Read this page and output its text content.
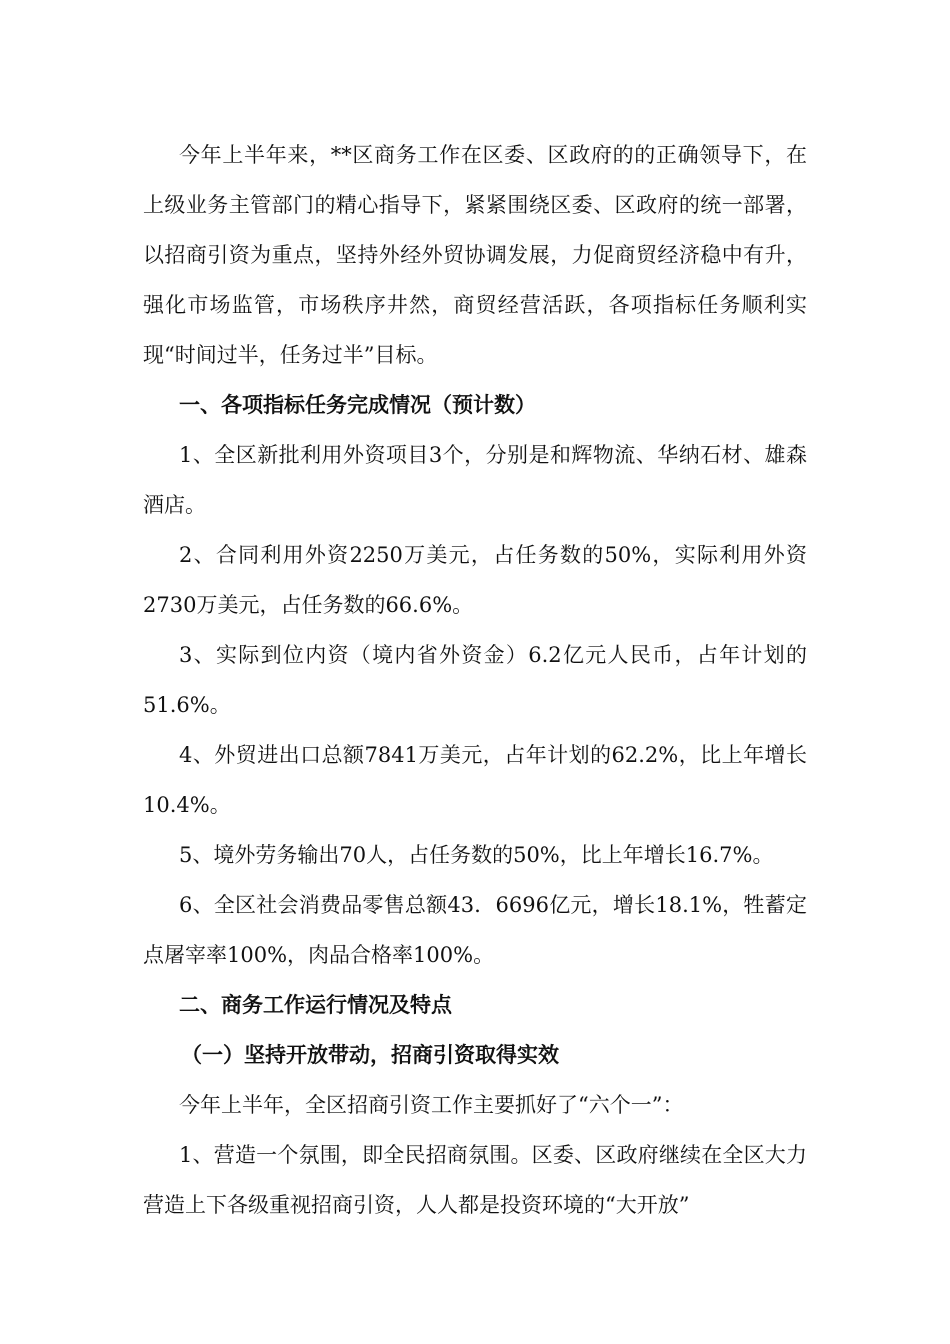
今年上半年来，**区商务工作在区委、区政府的的正确领导下，在上级业务主管部门的精心指导下，紧紧围绕区委、区政府的统一部署，以招商引资为重点，坚持外经外贸协调发展，力促商贸经济稳中有升，强化市场监管，市场秩序井然，商贸经营活跃，各项指标任务顺利实现“时间过半，任务过半”目标。

一、各项指标任务完成情况（预计数）

1、全区新批利用外资项目3个，分别是和辉物流、华纳石材、雄森酒店。

2、合同利用外资2250万美元，占任务数的50%，实际利用外资2730万美元，占任务数的66.6%。

3、实际到位内资（境内省外资金）6.2亿元人民币，占年计划的51.6%。

4、外贸进出口总额7841万美元，占年计划的62.2%，比上年增长10.4%。

5、境外劳务输出70人，占任务数的50%，比上年增长16.7%。

6、全区社会消费品零售总额43．6696亿元，增长18.1%，牲蓄定点屠宰率100%，肉品合格率100%。

二、商务工作运行情况及特点

（一）坚持开放带动，招商引资取得实效

今年上半年，全区招商引资工作主要抓好了“六个一”：

1、营造一个氛围，即全民招商氛围。区委、区政府继续在全区大力营造上下各级重视招商引资，人人都是投资环境的“大开放”
